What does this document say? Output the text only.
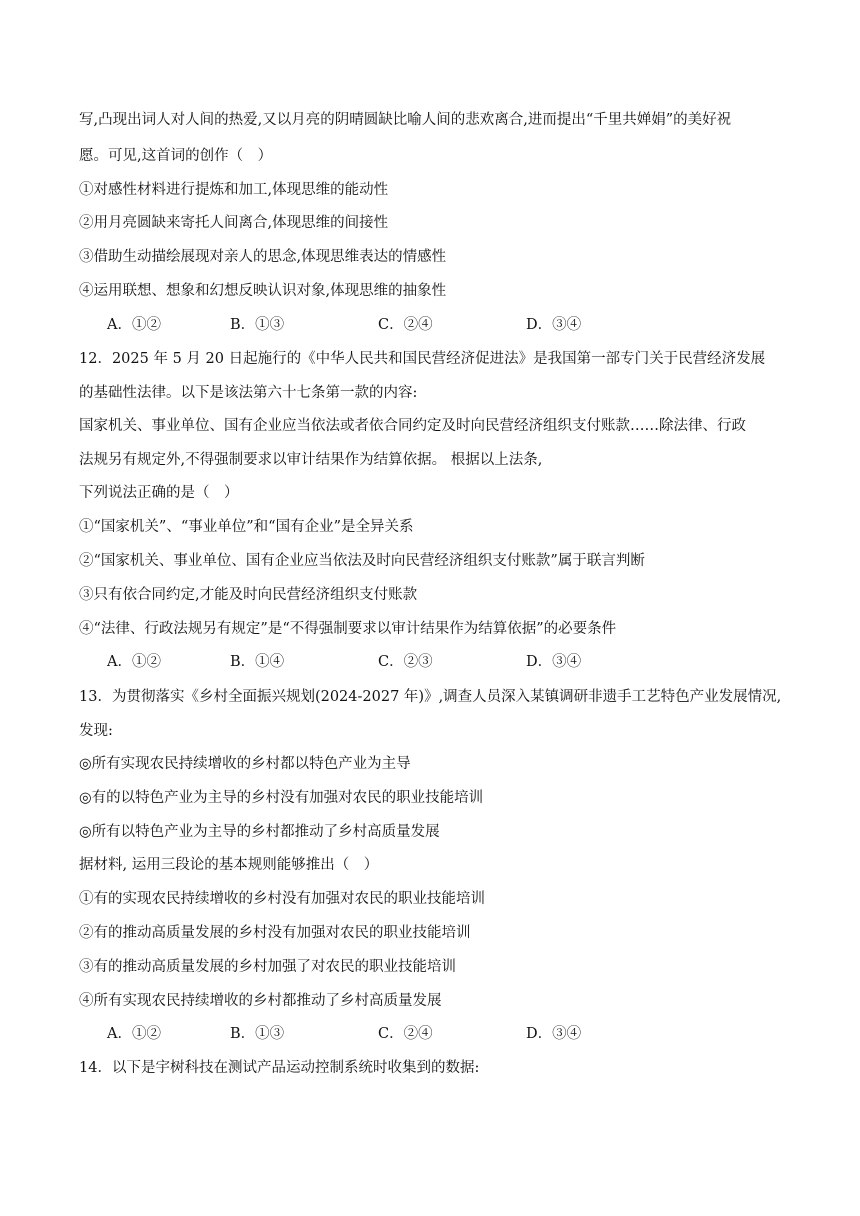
写,凸现出词人对人间的热爱,又以月亮的阴晴圆缺比喻人间的悲欢离合,进而提出“千里共婵娟”的美好祝
愿。可见,这首词的创作（　）
①对感性材料进行提炼和加工,体现思维的能动性
②用月亮圆缺来寄托人间离合,体现思维的间接性
③借助生动描绘展现对亲人的思念,体现思维表达的情感性
④运用联想、想象和幻想反映认识对象,体现思维的抽象性
A．①②	B．①③	C．②④	D．③④
12．2025 年 5 月 20 日起施行的《中华人民共和国民营经济促进法》是我国第一部专门关于民营经济发展
的基础性法律。以下是该法第六十七条第一款的内容:
国家机关、事业单位、国有企业应当依法或者依合同约定及时向民营经济组织支付账款……除法律、行政
法规另有规定外,不得强制要求以审计结果作为结算依据。 根据以上法条,
下列说法正确的是（　）
①“国家机关”、“事业单位”和“国有企业”是全异关系
②“国家机关、事业单位、国有企业应当依法及时向民营经济组织支付账款”属于联言判断
③只有依合同约定,才能及时向民营经济组织支付账款
④“法律、行政法规另有规定”是“不得强制要求以审计结果作为结算依据”的必要条件
A．①②	B．①④	C．②③	D．③④
13．为贯彻落实《乡村全面振兴规划(2024-2027 年)》,调查人员深入某镇调研非遗手工艺特色产业发展情况,
发现:
◎所有实现农民持续增收的乡村都以特色产业为主导
◎有的以特色产业为主导的乡村没有加强对农民的职业技能培训
◎所有以特色产业为主导的乡村都推动了乡村高质量发展
据材料, 运用三段论的基本规则能够推出（　）
①有的实现农民持续增收的乡村没有加强对农民的职业技能培训
②有的推动高质量发展的乡村没有加强对农民的职业技能培训
③有的推动高质量发展的乡村加强了对农民的职业技能培训
④所有实现农民持续增收的乡村都推动了乡村高质量发展
A．①②	B．①③	C．②④	D．③④
14．以下是宇树科技在测试产品运动控制系统时收集到的数据:
